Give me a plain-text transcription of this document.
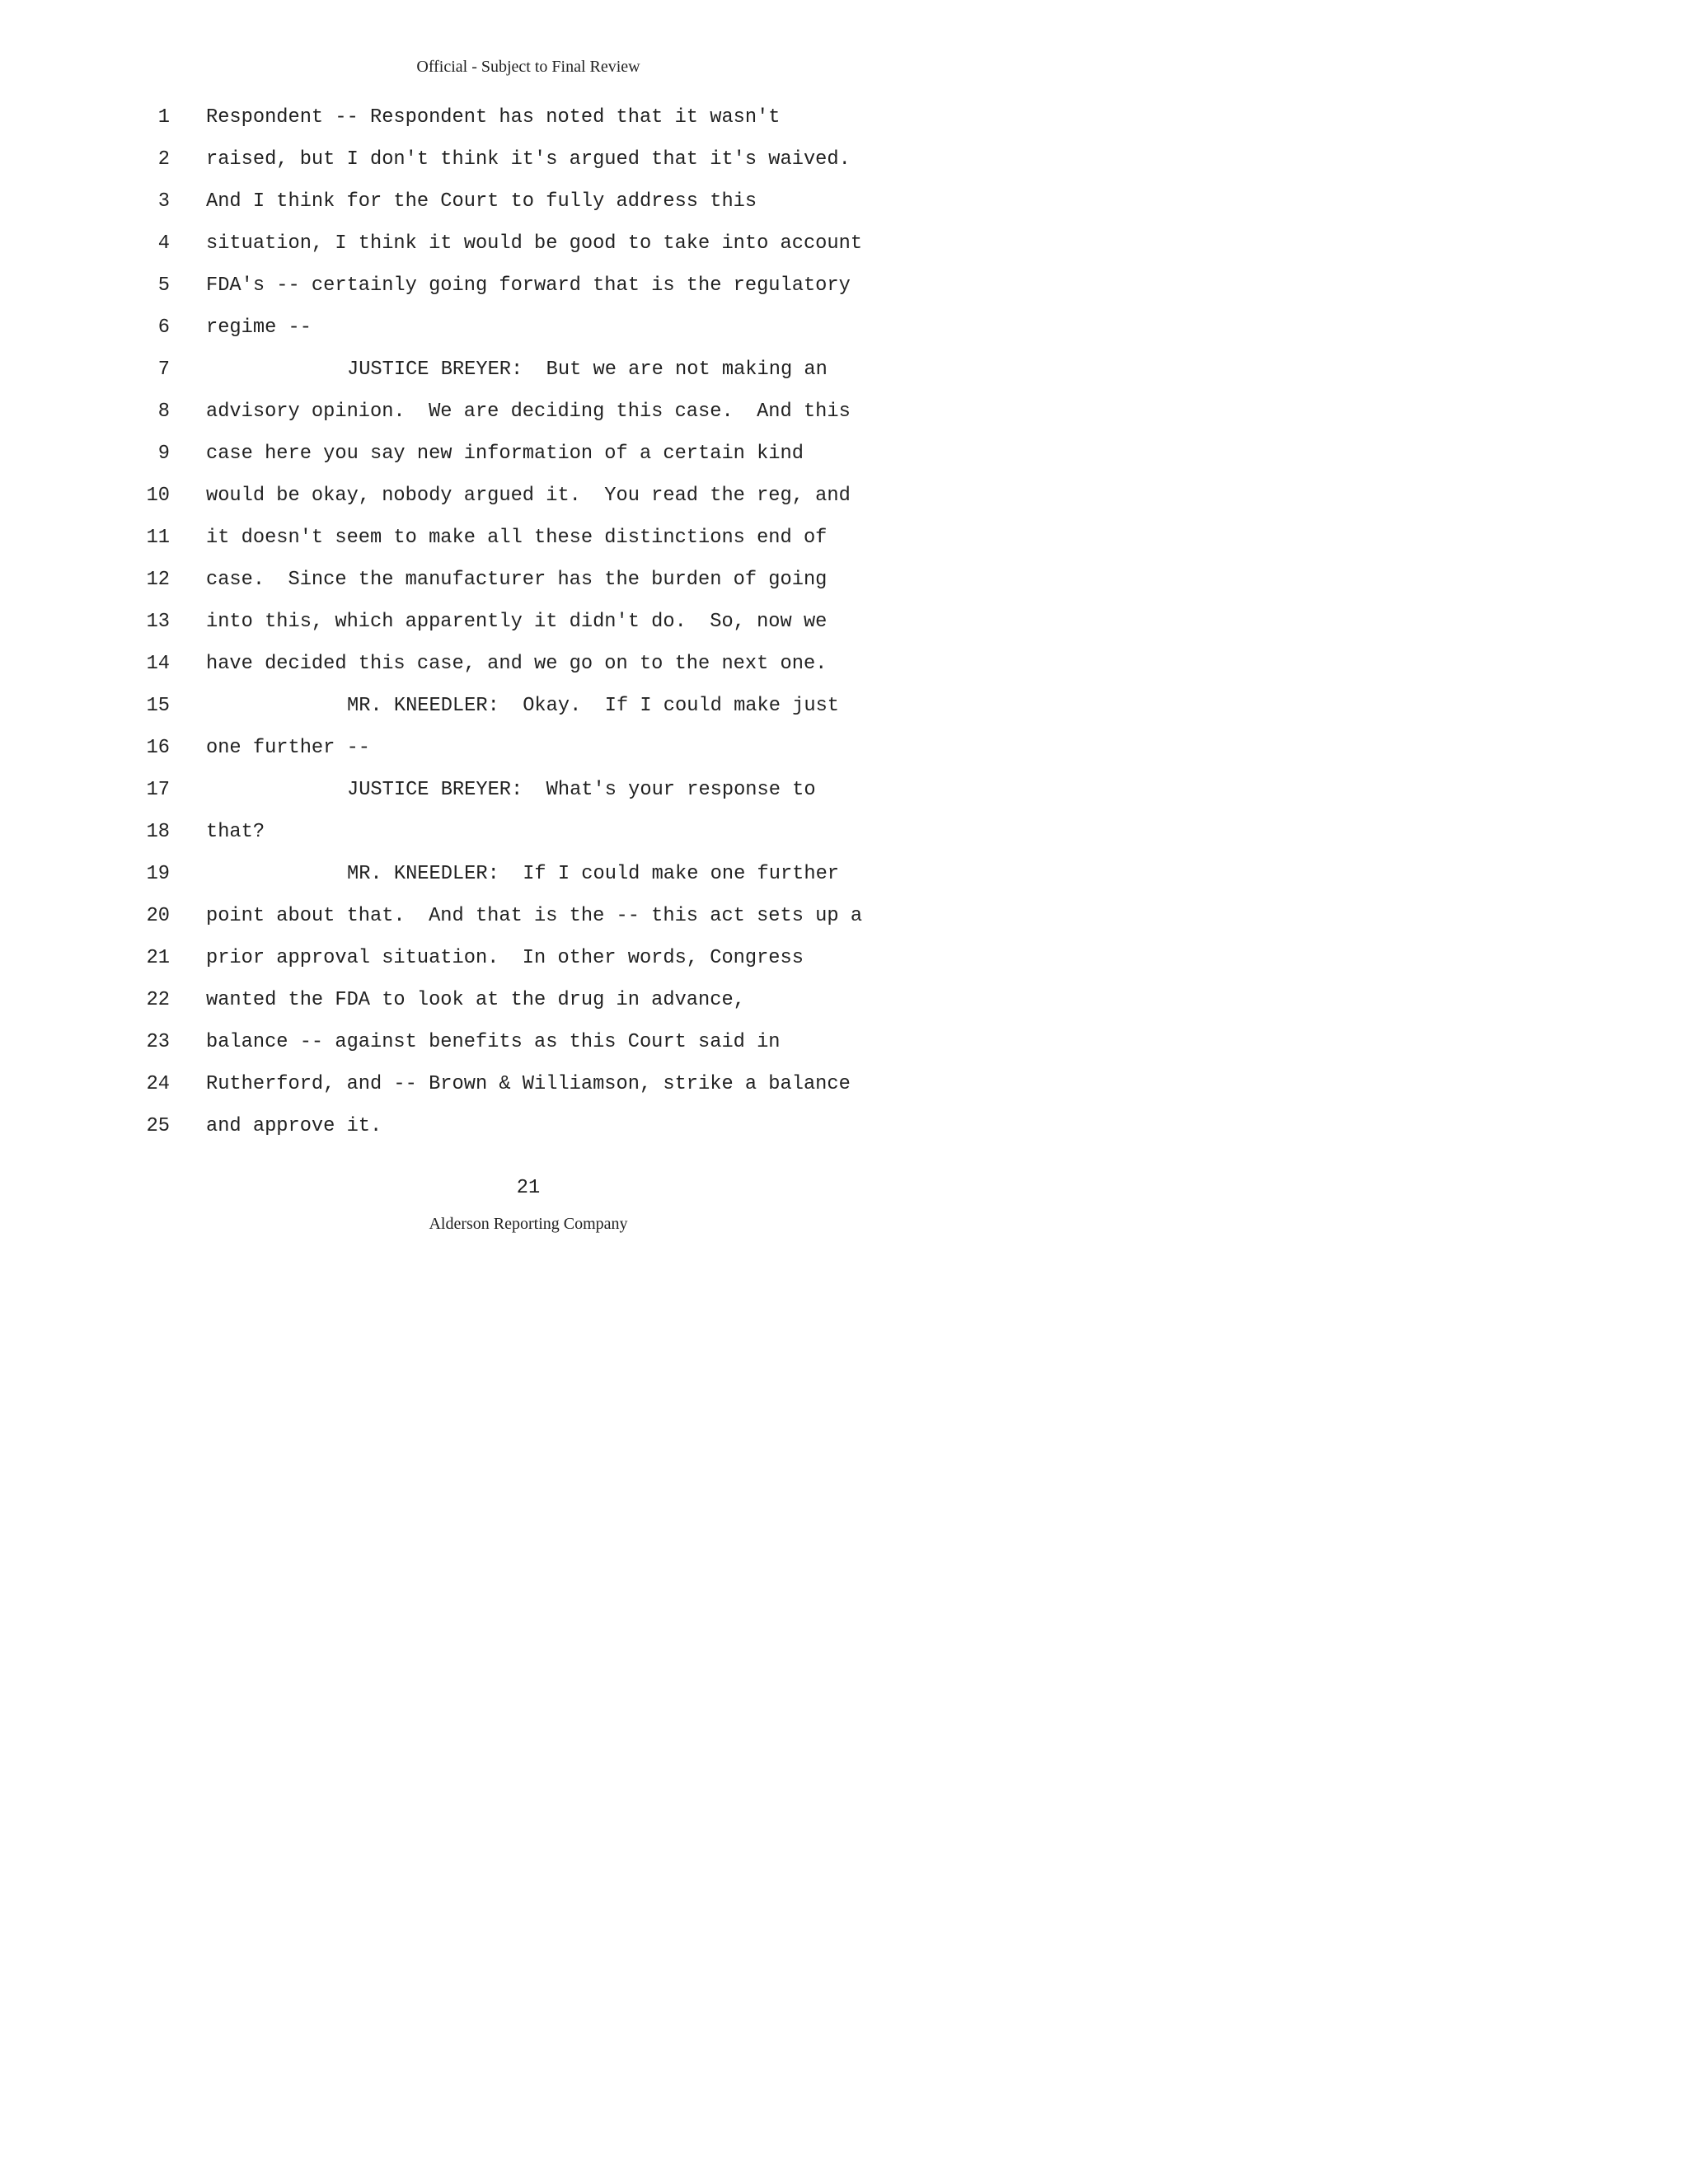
Official - Subject to Final Review
1 Respondent -- Respondent has noted that it wasn't
2 raised, but I don't think it's argued that it's waived.
3 And I think for the Court to fully address this
4 situation, I think it would be good to take into account
5 FDA's -- certainly going forward that is the regulatory
6 regime --
7	JUSTICE BREYER:  But we are not making an
8 advisory opinion.  We are deciding this case.  And this
9 case here you say new information of a certain kind
10 would be okay, nobody argued it.  You read the reg, and
11 it doesn't seem to make all these distinctions end of
12 case.  Since the manufacturer has the burden of going
13 into this, which apparently it didn't do.  So, now we
14 have decided this case, and we go on to the next one.
15	MR. KNEEDLER:  Okay.  If I could make just
16 one further --
17	JUSTICE BREYER:  What's your response to
18 that?
19	MR. KNEEDLER:  If I could make one further
20 point about that.  And that is the -- this act sets up a
21 prior approval situation.  In other words, Congress
22 wanted the FDA to look at the drug in advance,
23 balance -- against benefits as this Court said in
24 Rutherford, and -- Brown & Williamson, strike a balance
25 and approve it.
21
Alderson Reporting Company
